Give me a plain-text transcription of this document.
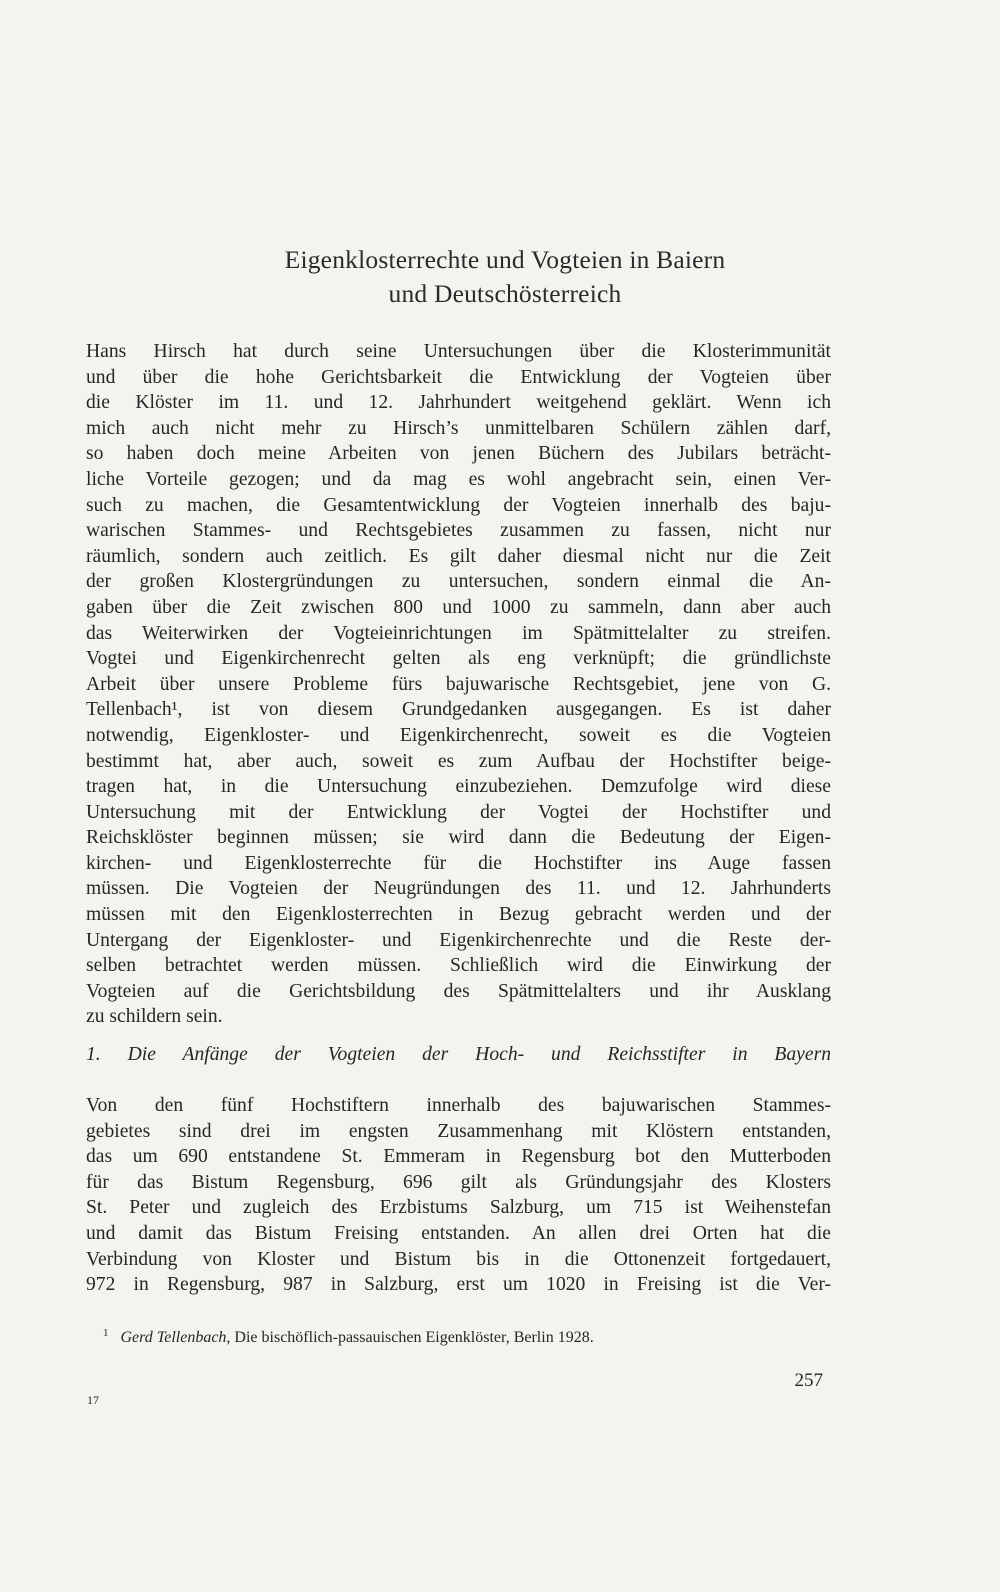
Eigenklosterrechte und Vogteien in Baiern
und Deutschösterreich
Hans Hirsch hat durch seine Untersuchungen über die Klosterimmunität
und über die hohe Gerichtsbarkeit die Entwicklung der Vogteien über
die Klöster im 11. und 12. Jahrhundert weitgehend geklärt. Wenn ich
mich auch nicht mehr zu Hirsch’s unmittelbaren Schülern zählen darf,
so haben doch meine Arbeiten von jenen Büchern des Jubilars beträcht-
liche Vorteile gezogen; und da mag es wohl angebracht sein, einen Ver-
such zu machen, die Gesamtentwicklung der Vogteien innerhalb des baju-
warischen Stammes- und Rechtsgebietes zusammen zu fassen, nicht nur
räumlich, sondern auch zeitlich. Es gilt daher diesmal nicht nur die Zeit
der großen Klostergründungen zu untersuchen, sondern einmal die An-
gaben über die Zeit zwischen 800 und 1000 zu sammeln, dann aber auch
das Weiterwirken der Vogteieinrichtungen im Spätmittelalter zu streifen.
Vogtei und Eigenkirchenrecht gelten als eng verknüpft; die gründlichste
Arbeit über unsere Probleme fürs bajuwarische Rechtsgebiet, jene von G.
Tellenbach¹, ist von diesem Grundgedanken ausgegangen. Es ist daher
notwendig, Eigenkloster- und Eigenkirchenrecht, soweit es die Vogteien
bestimmt hat, aber auch, soweit es zum Aufbau der Hochstifter beige-
tragen hat, in die Untersuchung einzubeziehen. Demzufolge wird diese
Untersuchung mit der Entwicklung der Vogtei der Hochstifter und
Reichsklöster beginnen müssen; sie wird dann die Bedeutung der Eigen-
kirchen- und Eigenklosterrechte für die Hochstifter ins Auge fassen
müssen. Die Vogteien der Neugründungen des 11. und 12. Jahrhunderts
müssen mit den Eigenklosterrechten in Bezug gebracht werden und der
Untergang der Eigenkloster- und Eigenkirchenrechte und die Reste der-
selben betrachtet werden müssen. Schließlich wird die Einwirkung der
Vogteien auf die Gerichtsbildung des Spätmittelalters und ihr Ausklang
zu schildern sein.
1. Die Anfänge der Vogteien der Hoch- und Reichsstifter in Bayern
Von den fünf Hochstiftern innerhalb des bajuwarischen Stammes-
gebietes sind drei im engsten Zusammenhang mit Klöstern entstanden,
das um 690 entstandene St. Emmeram in Regensburg bot den Mutterboden
für das Bistum Regensburg, 696 gilt als Gründungsjahr des Klosters
St. Peter und zugleich des Erzbistums Salzburg, um 715 ist Weihenstefan
und damit das Bistum Freising entstanden. An allen drei Orten hat die
Verbindung von Kloster und Bistum bis in die Ottonenzeit fortgedauert,
972 in Regensburg, 987 in Salzburg, erst um 1020 in Freising ist die Ver-
$^1$ Gerd Tellenbach, Die bischöflich-passauischen Eigenklöster, Berlin 1928.
257
17
